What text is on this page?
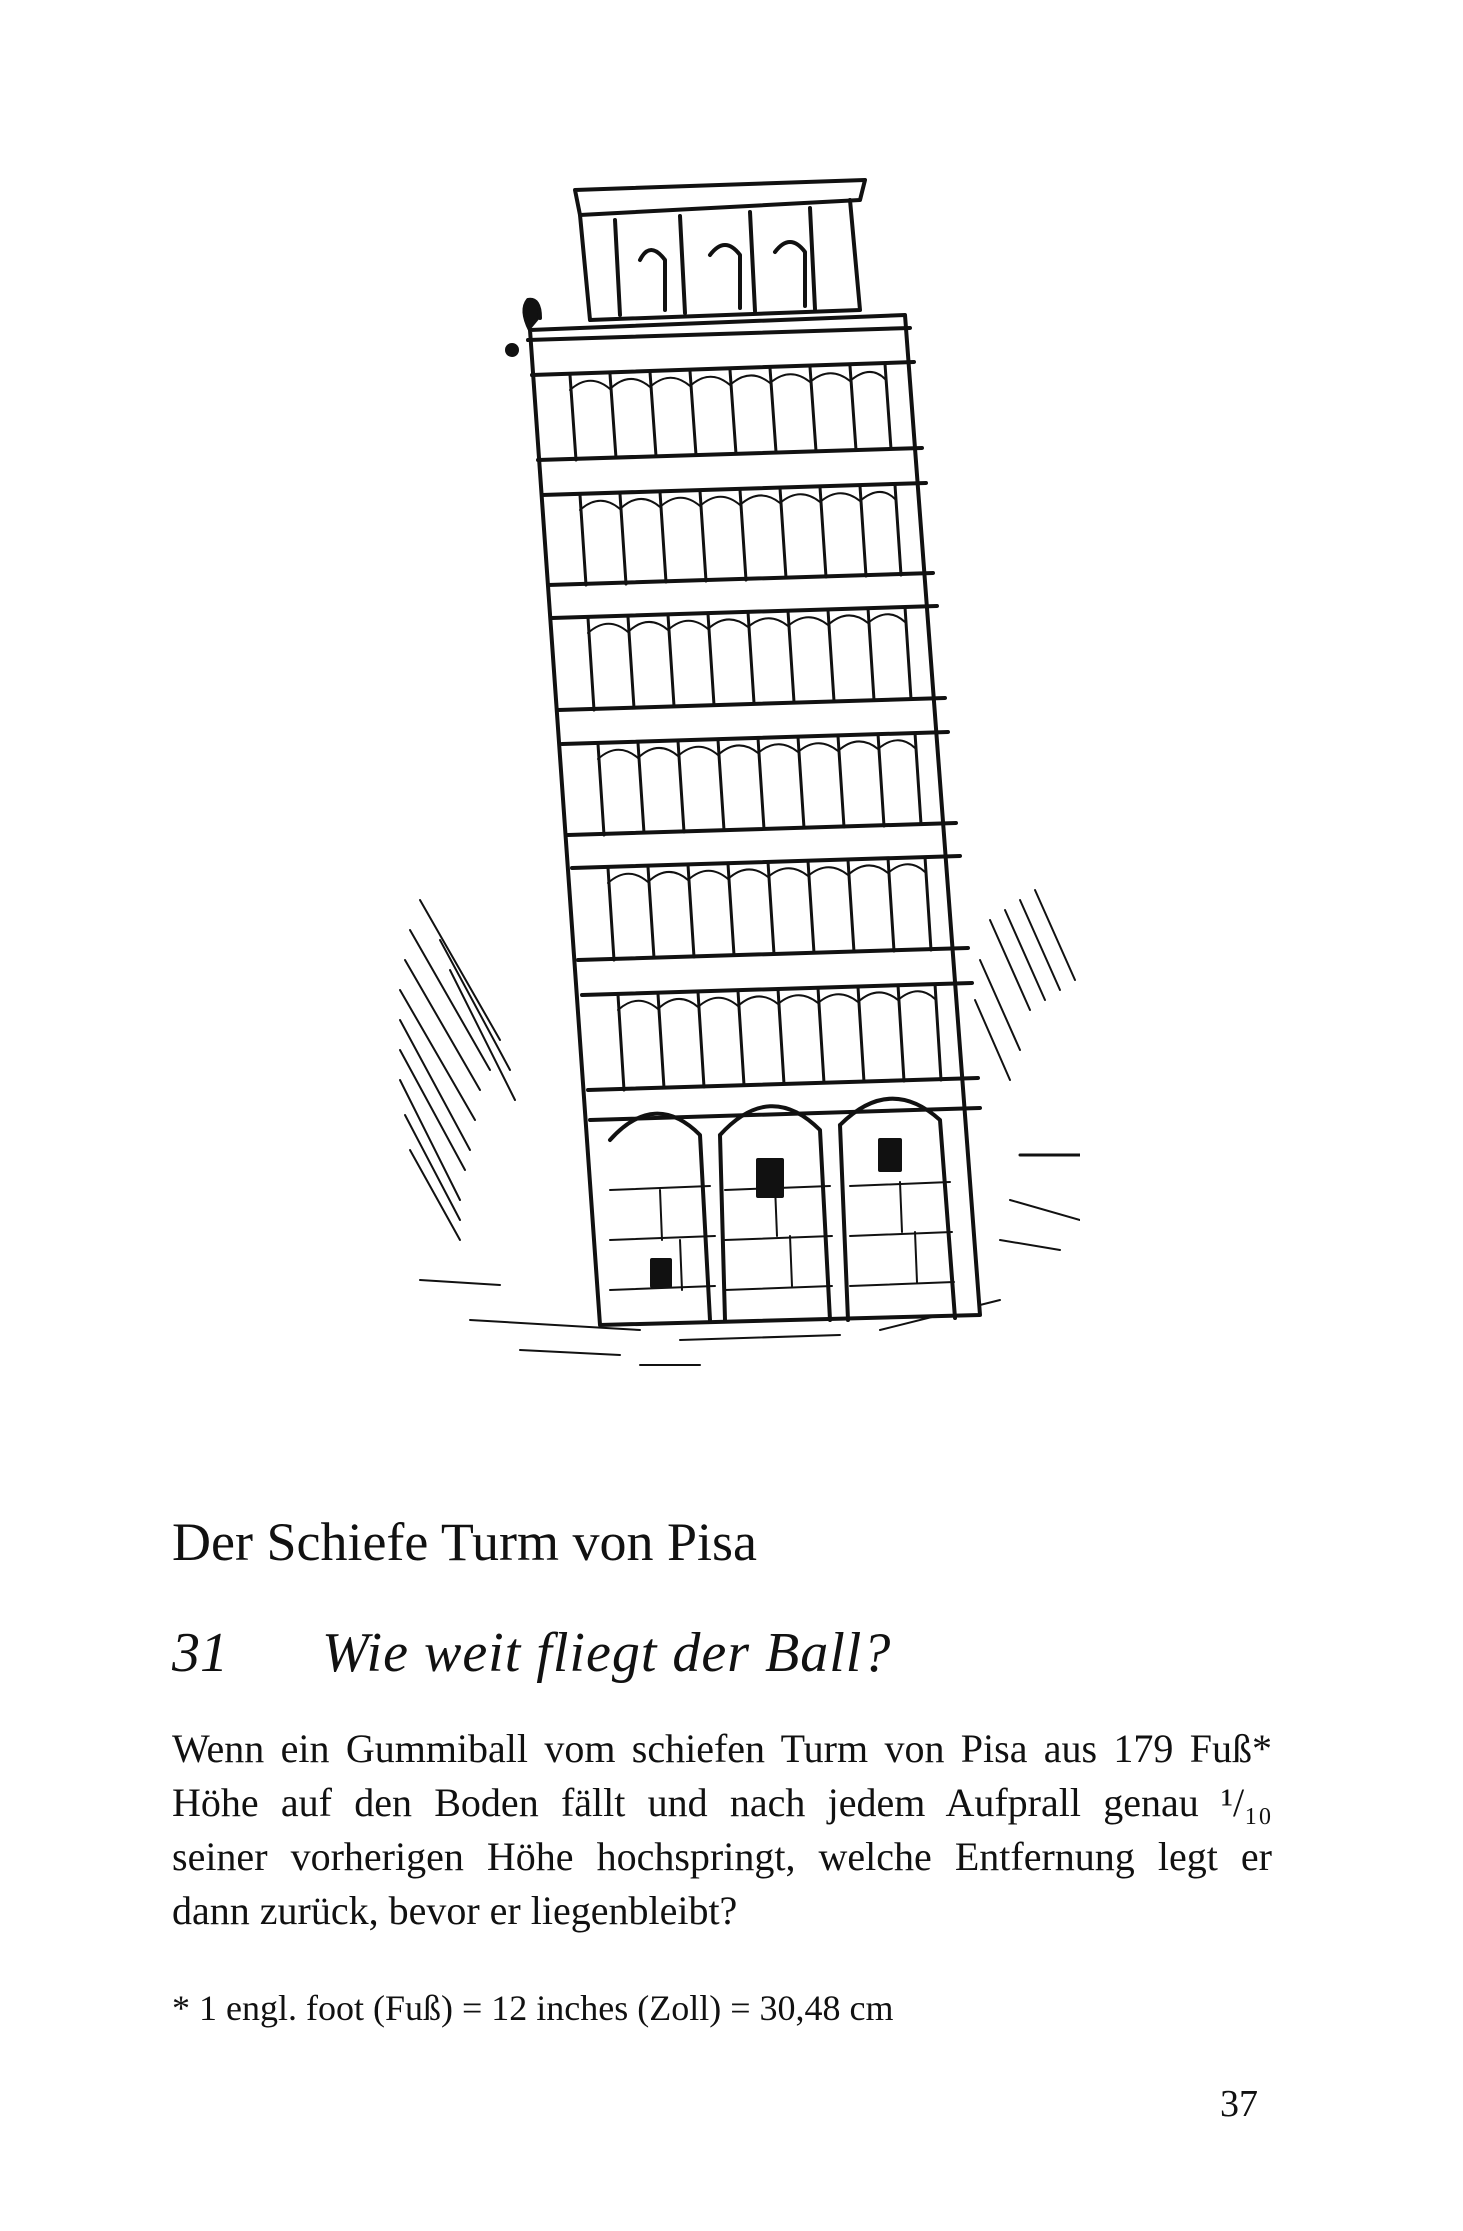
Der Schiefe Turm von Pisa
31 Wie weit fliegt der Ball?

Wenn ein Gummiball vom schiefen Turm von Pisa aus 179 Fuß*
Höhe auf den Boden fällt und nach jedem Aufprall genau ¹/₁₀
seiner vorherigen Höhe hochspringt, welche Entfernung legt er
dann zurück, bevor er liegenbleibt?

* 1 engl. foot (Fuß) = 12 inches (Zoll) = 30,48 cm
37
